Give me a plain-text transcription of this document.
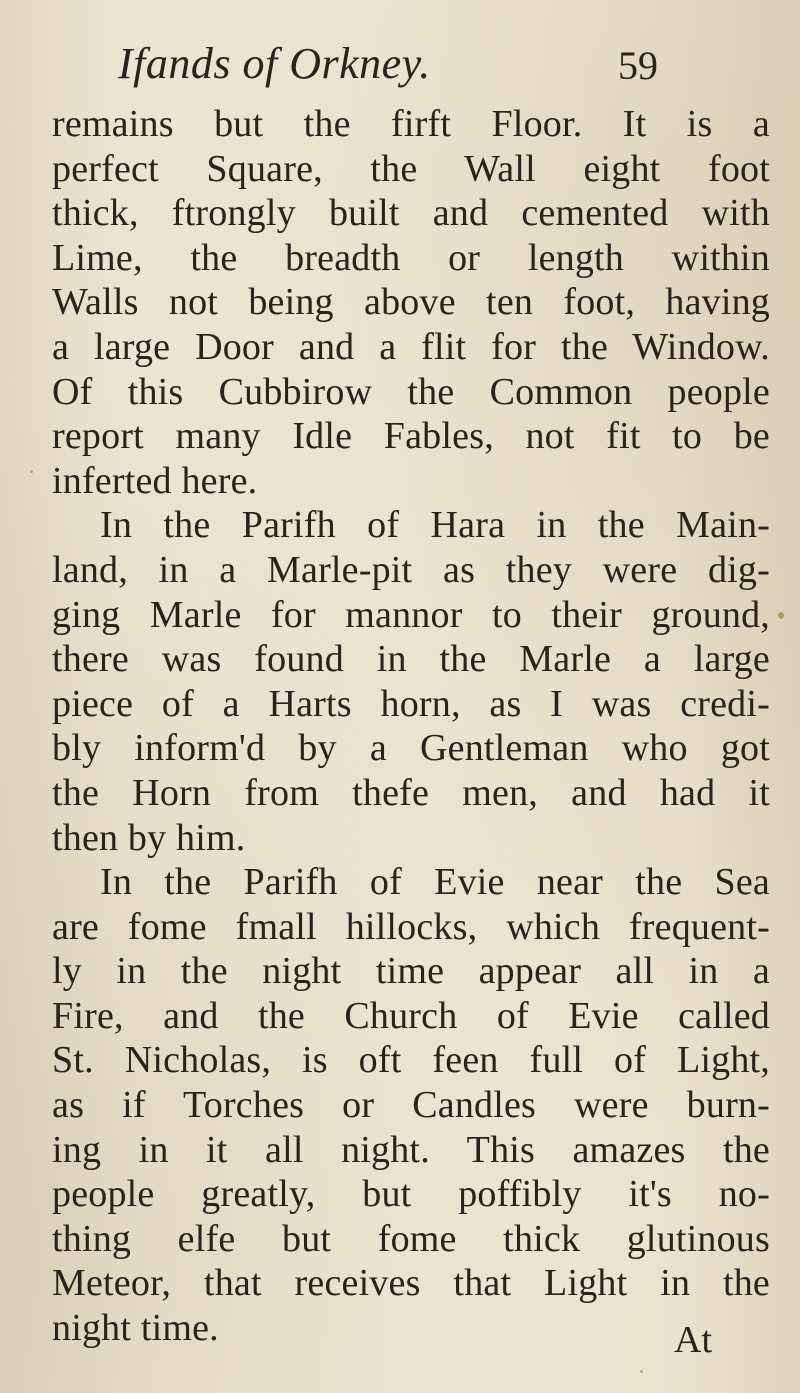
Ifands of Orkney.	59
remains but the firft Floor. It is a
perfect Square, the Wall eight foot
thick, ftrongly built and cemented with
Lime, the breadth or length within
Walls not being above ten foot, having
a large Door and a flit for the Window.
Of this Cubbirow the Common people
report many Idle Fables, not fit to be
inferted here.
In the Parifh of Hara in the Main-
land, in a Marle-pit as they were dig-
ging Marle for mannor to their ground,
there was found in the Marle a large
piece of a Harts horn, as I was credi-
bly inform'd by a Gentleman who got
the Horn from thefe men, and had it
then by him.
In the Parifh of Evie near the Sea
are fome fmall hillocks, which frequent-
ly in the night time appear all in a
Fire, and the Church of Evie called
St. Nicholas, is oft feen full of Light,
as if Torches or Candles were burn-
ing in it all night. This amazes the
people greatly, but poffibly it's no-
thing elfe but fome thick glutinous
Meteor, that receives that Light in the
night time.	At
